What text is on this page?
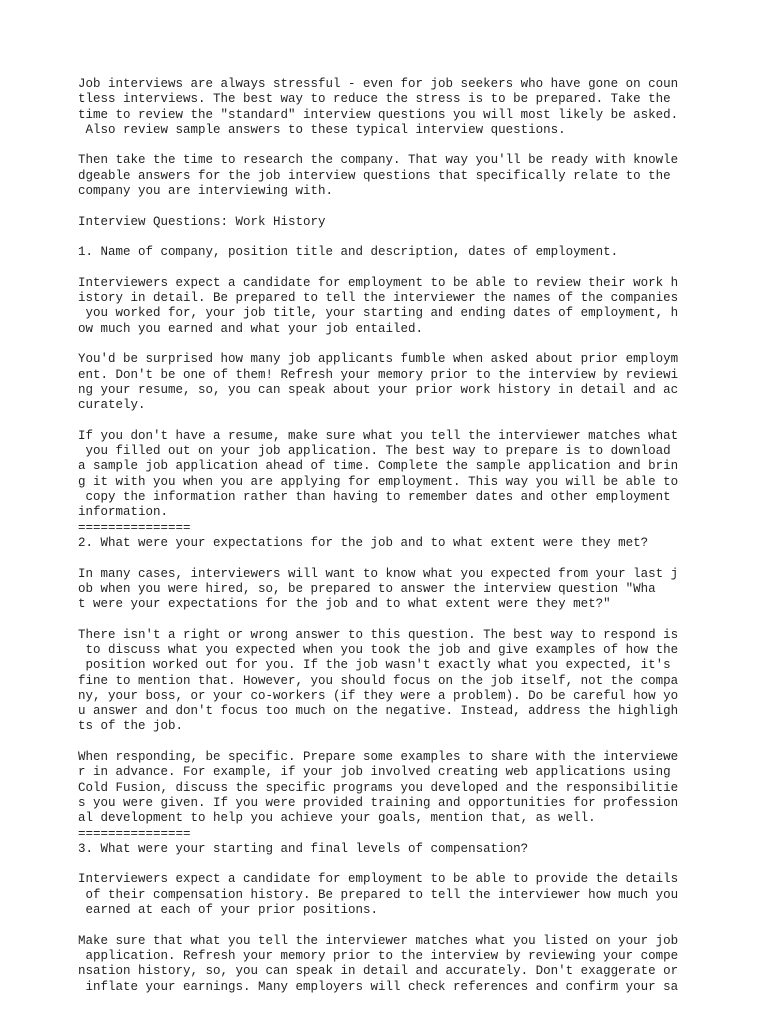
Job interviews are always stressful - even for job seekers who have gone on coun
tless interviews. The best way to reduce the stress is to be prepared. Take the
time to review the "standard" interview questions you will most likely be asked.
Also review sample answers to these typical interview questions.
Then take the time to research the company. That way you'll be ready with knowle
dgeable answers for the job interview questions that specifically relate to the
company you are interviewing with.
Interview Questions: Work History
1. Name of company, position title and description, dates of employment.
Interviewers expect a candidate for employment to be able to review their work h
istory in detail. Be prepared to tell the interviewer the names of the companies
you worked for, your job title, your starting and ending dates of employment, h
ow much you earned and what your job entailed.
You'd be surprised how many job applicants fumble when asked about prior employm
ent. Don't be one of them! Refresh your memory prior to the interview by reviewi
ng your resume, so, you can speak about your prior work history in detail and ac
curately.
If you don't have a resume, make sure what you tell the interviewer matches what
you filled out on your job application. The best way to prepare is to download
a sample job application ahead of time. Complete the sample application and brin
g it with you when you are applying for employment. This way you will be able to
copy the information rather than having to remember dates and other employment
information.
===============
2. What were your expectations for the job and to what extent were they met?
In many cases, interviewers will want to know what you expected from your last j
ob when you were hired, so, be prepared to answer the interview question "Wha
t were your expectations for the job and to what extent were they met?"
There isn't a right or wrong answer to this question. The best way to respond is
to discuss what you expected when you took the job and give examples of how the
position worked out for you. If the job wasn't exactly what you expected, it's
fine to mention that. However, you should focus on the job itself, not the compa
ny, your boss, or your co-workers (if they were a problem). Do be careful how yo
u answer and don't focus too much on the negative. Instead, address the highligh
ts of the job.
When responding, be specific. Prepare some examples to share with the interviewe
r in advance. For example, if your job involved creating web applications using
Cold Fusion, discuss the specific programs you developed and the responsibilitie
s you were given. If you were provided training and opportunities for profession
al development to help you achieve your goals, mention that, as well.
===============
3. What were your starting and final levels of compensation?
Interviewers expect a candidate for employment to be able to provide the details
of their compensation history. Be prepared to tell the interviewer how much you
earned at each of your prior positions.
Make sure that what you tell the interviewer matches what you listed on your job
application. Refresh your memory prior to the interview by reviewing your compe
nsation history, so, you can speak in detail and accurately. Don't exaggerate or
inflate your earnings. Many employers will check references and confirm your sa
